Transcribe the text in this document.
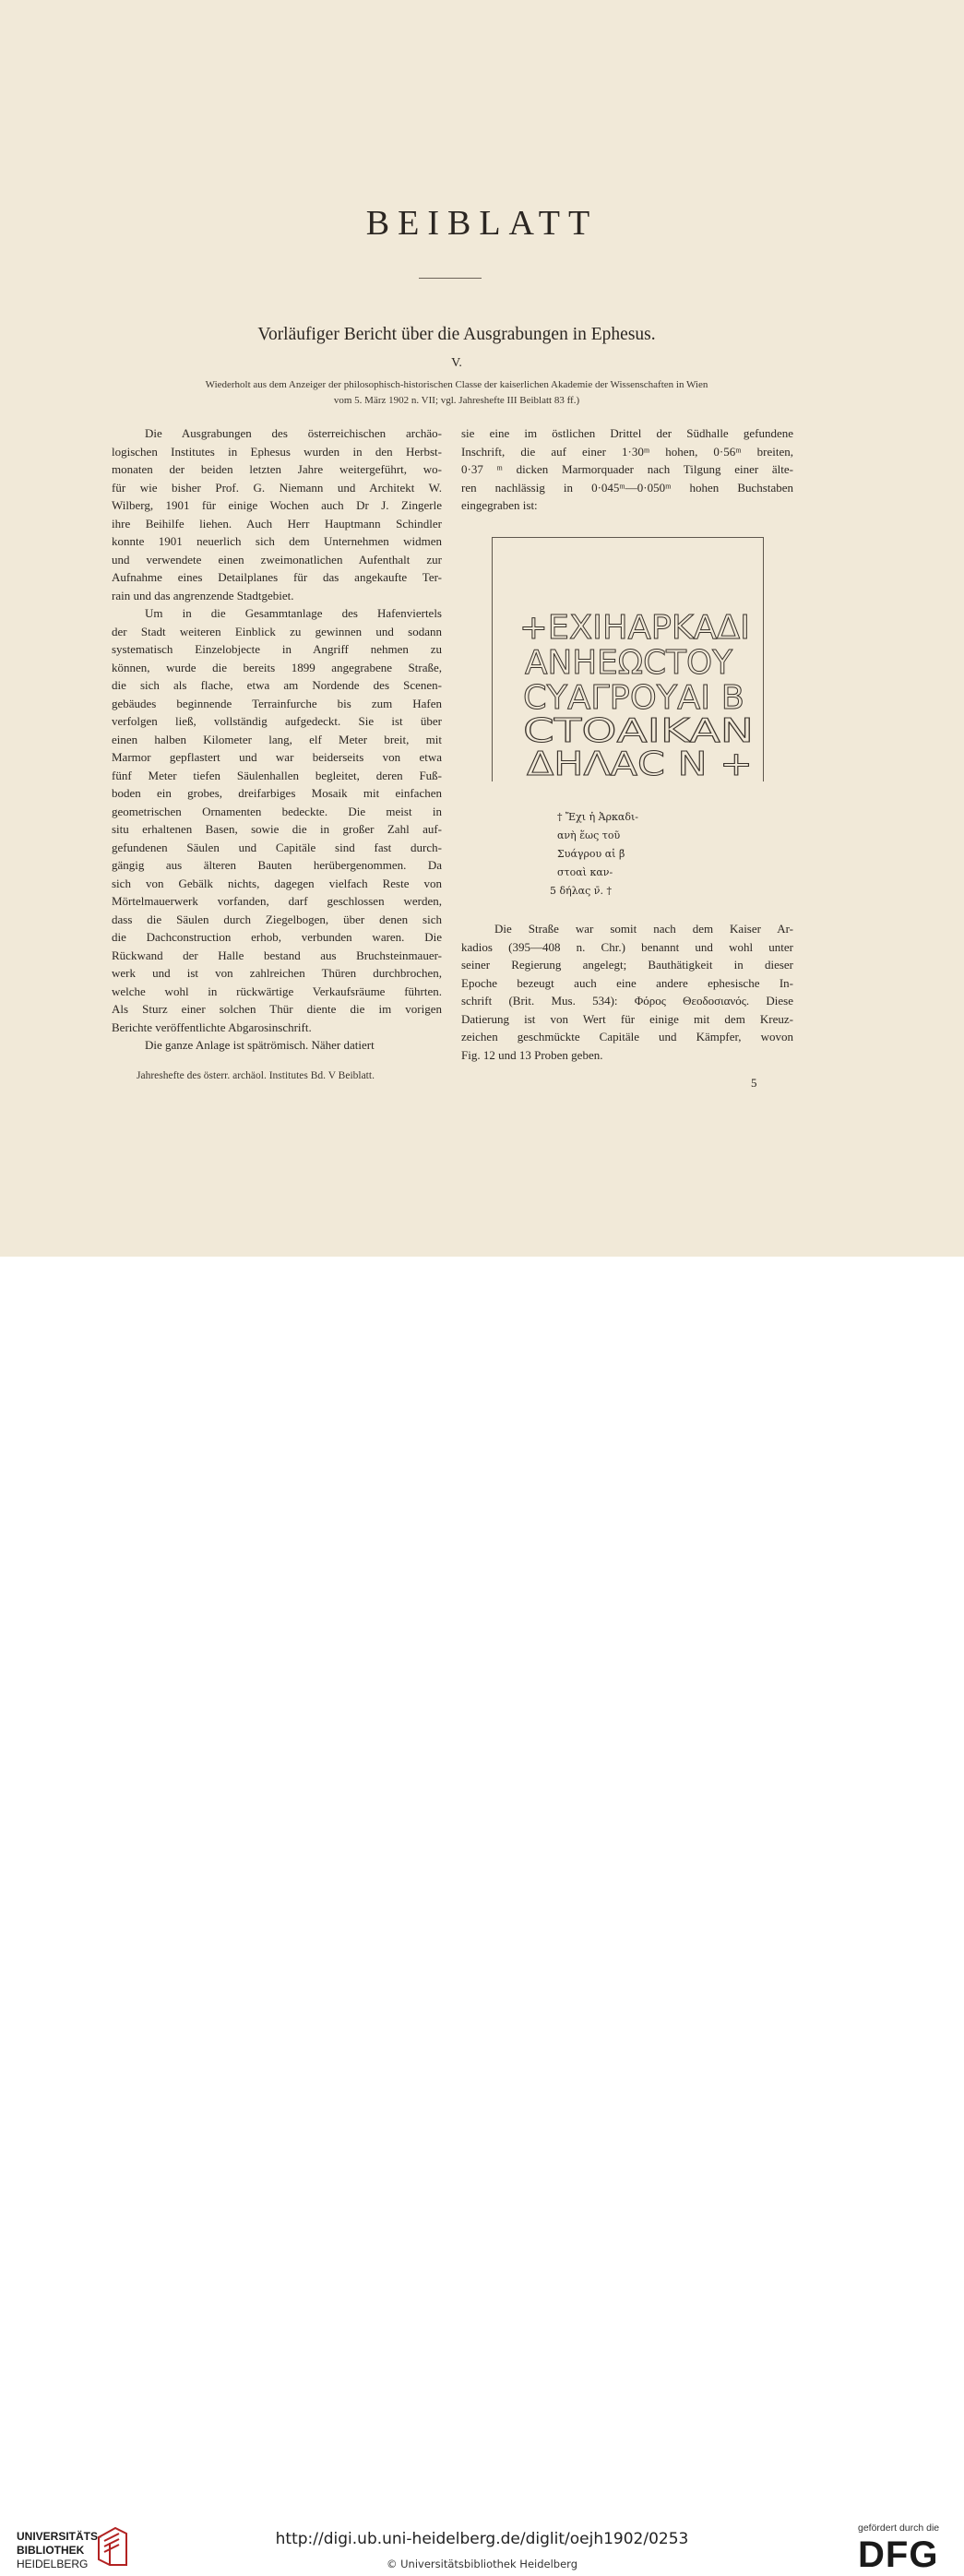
BEIBLATT
Vorläufiger Bericht über die Ausgrabungen in Ephesus.
V.
Wiederholt aus dem Anzeiger der philosophisch-historischen Classe der kaiserlichen Akademie der Wissenschaften in Wien
vom 5. März 1902 n. VII; vgl. Jahreshefte III Beiblatt 83 ff.)
Die Ausgrabungen des österreichischen archäo-
logischen Institutes in Ephesus wurden in den Herbst-
monaten der beiden letzten Jahre weitergeführt, wo-
für wie bisher Prof. G. Niemann und Architekt W.
Wilberg, 1901 für einige Wochen auch Dr J. Zingerle
ihre Beihilfe liehen. Auch Herr Hauptmann Schindler
konnte 1901 neuerlich sich dem Unternehmen widmen
und verwendete einen zweimonatlichen Aufenthalt zur
Aufnahme eines Detailplanes für das angekaufte Ter-
rain und das angrenzende Stadtgebiet.
Um in die Gesammtanlage des Hafenviertels
der Stadt weiteren Einblick zu gewinnen und sodann
systematisch Einzelobjecte in Angriff nehmen zu
können, wurde die bereits 1899 angegrabene Straße,
die sich als flache, etwa am Nordende des Scenen-
gebäudes beginnende Terrainfurche bis zum Hafen
verfolgen ließ, vollständig aufgedeckt. Sie ist über
einen halben Kilometer lang, elf Meter breit, mit
Marmor gepflastert und war beiderseits von etwa
fünf Meter tiefen Säulenhallen begleitet, deren Fuß-
boden ein grobes, dreifarbiges Mosaik mit einfachen
geometrischen Ornamenten bedeckte. Die meist in
situ erhaltenen Basen, sowie die in großer Zahl auf-
gefundenen Säulen und Capitäle sind fast durch-
gängig aus älteren Bauten herübergenommen. Da
sich von Gebälk nichts, dagegen vielfach Reste von
Mörtelmauerwerk vorfanden, darf geschlossen werden,
dass die Säulen durch Ziegelbogen, über denen sich
die Dachconstruction erhob, verbunden waren. Die
Rückwand der Halle bestand aus Bruchsteinmauer-
werk und ist von zahlreichen Thüren durchbrochen,
welche wohl in rückwärtige Verkaufsräume führten.
Als Sturz einer solchen Thür diente die im vorigen
Berichte veröffentlichte Abgarosinschrift.
Die ganze Anlage ist spätrömisch. Näher datiert
sie eine im östlichen Drittel der Südhalle gefundene
Inschrift, die auf einer 1·30ᵐ hohen, 0·56ᵐ breiten,
0·37 ᵐ dicken Marmorquader nach Tilgung einer älte-
ren nachlässig in 0·045ᵐ—0·050ᵐ hohen Buchstaben
eingegraben ist:
+ΕΧΙΗΑΡΚΑΔΙ
ΑΝΗΕΩCΤΟΥ
CΥΑΓΡΟΥΑΙ Β
CΤΟΑΙΚΑΝ
ΔΗΛΑC Ν +
† Ἔχι ἡ Ἀρκαδι-
ανὴ ἕως τοῦ
Συάγρου αἱ β̄
στοαὶ καν-
5 δήλας ν̄. †
Die Straße war somit nach dem Kaiser Ar-
kadios (395—408 n. Chr.) benannt und wohl unter
seiner Regierung angelegt; Bauthätigkeit in dieser
Epoche bezeugt auch eine andere ephesische In-
schrift (Brit. Mus. 534): Φόρος Θεοδοσιανός. Diese
Datierung ist von Wert für einige mit dem Kreuz-
zeichen geschmückte Capitäle und Kämpfer, wovon
Fig. 12 und 13 Proben geben.
Jahreshefte des österr. archäol. Institutes Bd. V Beiblatt.	5
UNIVERSITÄTS-
BIBLIOTHEK
HEIDELBERG
http://digi.ub.uni-heidelberg.de/diglit/oejh1902/0253
© Universitätsbibliothek Heidelberg
gefördert durch die
DFG
